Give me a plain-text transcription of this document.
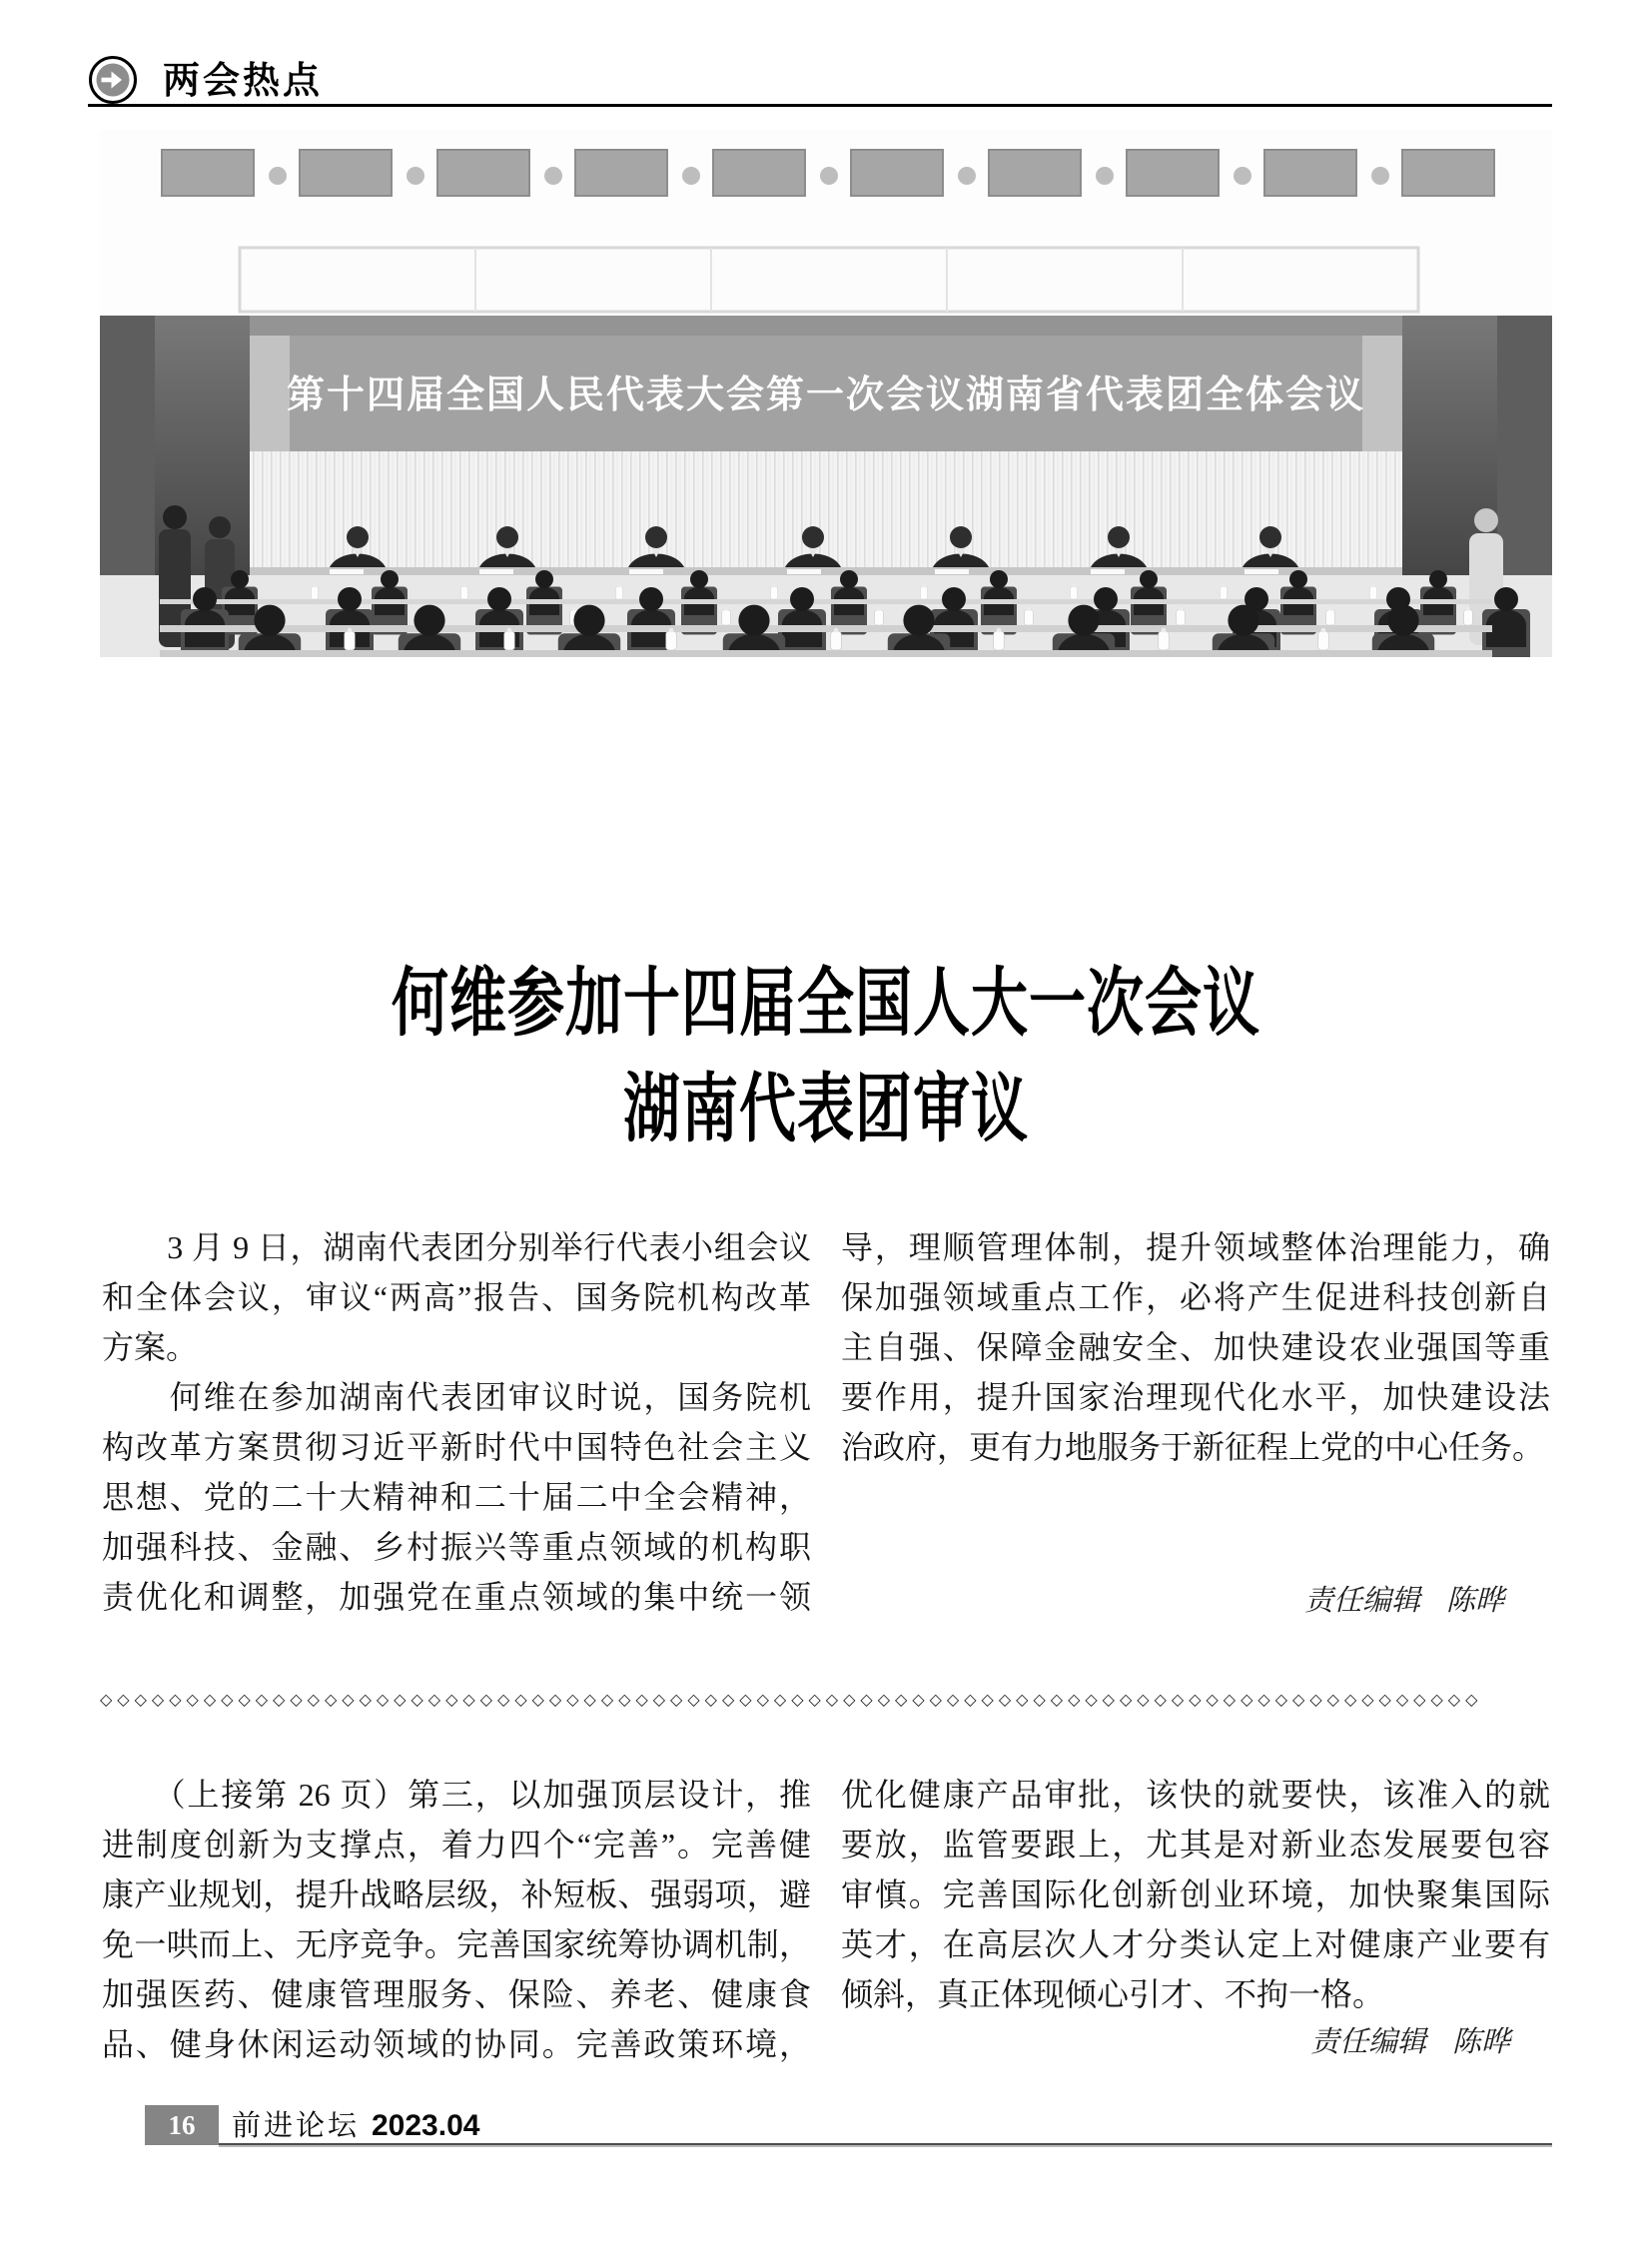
两会热点
第十四届全国人民代表大会第一次会议湖南省代表团全体会议
何维参加十四届全国人大一次会议
湖南代表团审议
　　3 月 9 日，湖南代表团分别举行代表小组会议
和全体会议，审议“两高”报告、国务院机构改革
方案。
　　何维在参加湖南代表团审议时说，国务院机
构改革方案贯彻习近平新时代中国特色社会主义
思想、党的二十大精神和二十届二中全会精神，
加强科技、金融、乡村振兴等重点领域的机构职
责优化和调整，加强党在重点领域的集中统一领
导，理顺管理体制，提升领域整体治理能力，确
保加强领域重点工作，必将产生促进科技创新自
主自强、保障金融安全、加快建设农业强国等重
要作用，提升国家治理现代化水平，加快建设法
治政府，更有力地服务于新征程上党的中心任务。
责任编辑 陈晔
◇◇◇◇◇◇◇◇◇◇◇◇◇◇◇◇◇◇◇◇◇◇◇◇◇◇◇◇◇◇◇◇◇◇◇◇◇◇◇◇◇◇◇◇◇◇◇◇◇◇◇◇◇◇◇◇◇◇◇◇◇◇◇◇◇◇◇◇◇◇◇◇◇◇◇◇◇◇◇◇
　　（上接第 26 页）第三，以加强顶层设计，推
进制度创新为支撑点，着力四个“完善”。完善健
康产业规划，提升战略层级，补短板、强弱项，避
免一哄而上、无序竞争。完善国家统筹协调机制，
加强医药、健康管理服务、保险、养老、健康食
品、健身休闲运动领域的协同。完善政策环境，
优化健康产品审批，该快的就要快，该准入的就
要放，监管要跟上，尤其是对新业态发展要包容
审慎。完善国际化创新创业环境，加快聚集国际
英才，在高层次人才分类认定上对健康产业要有
倾斜，真正体现倾心引才、不拘一格。
责任编辑 陈晔
16 前进论坛 2023.04
